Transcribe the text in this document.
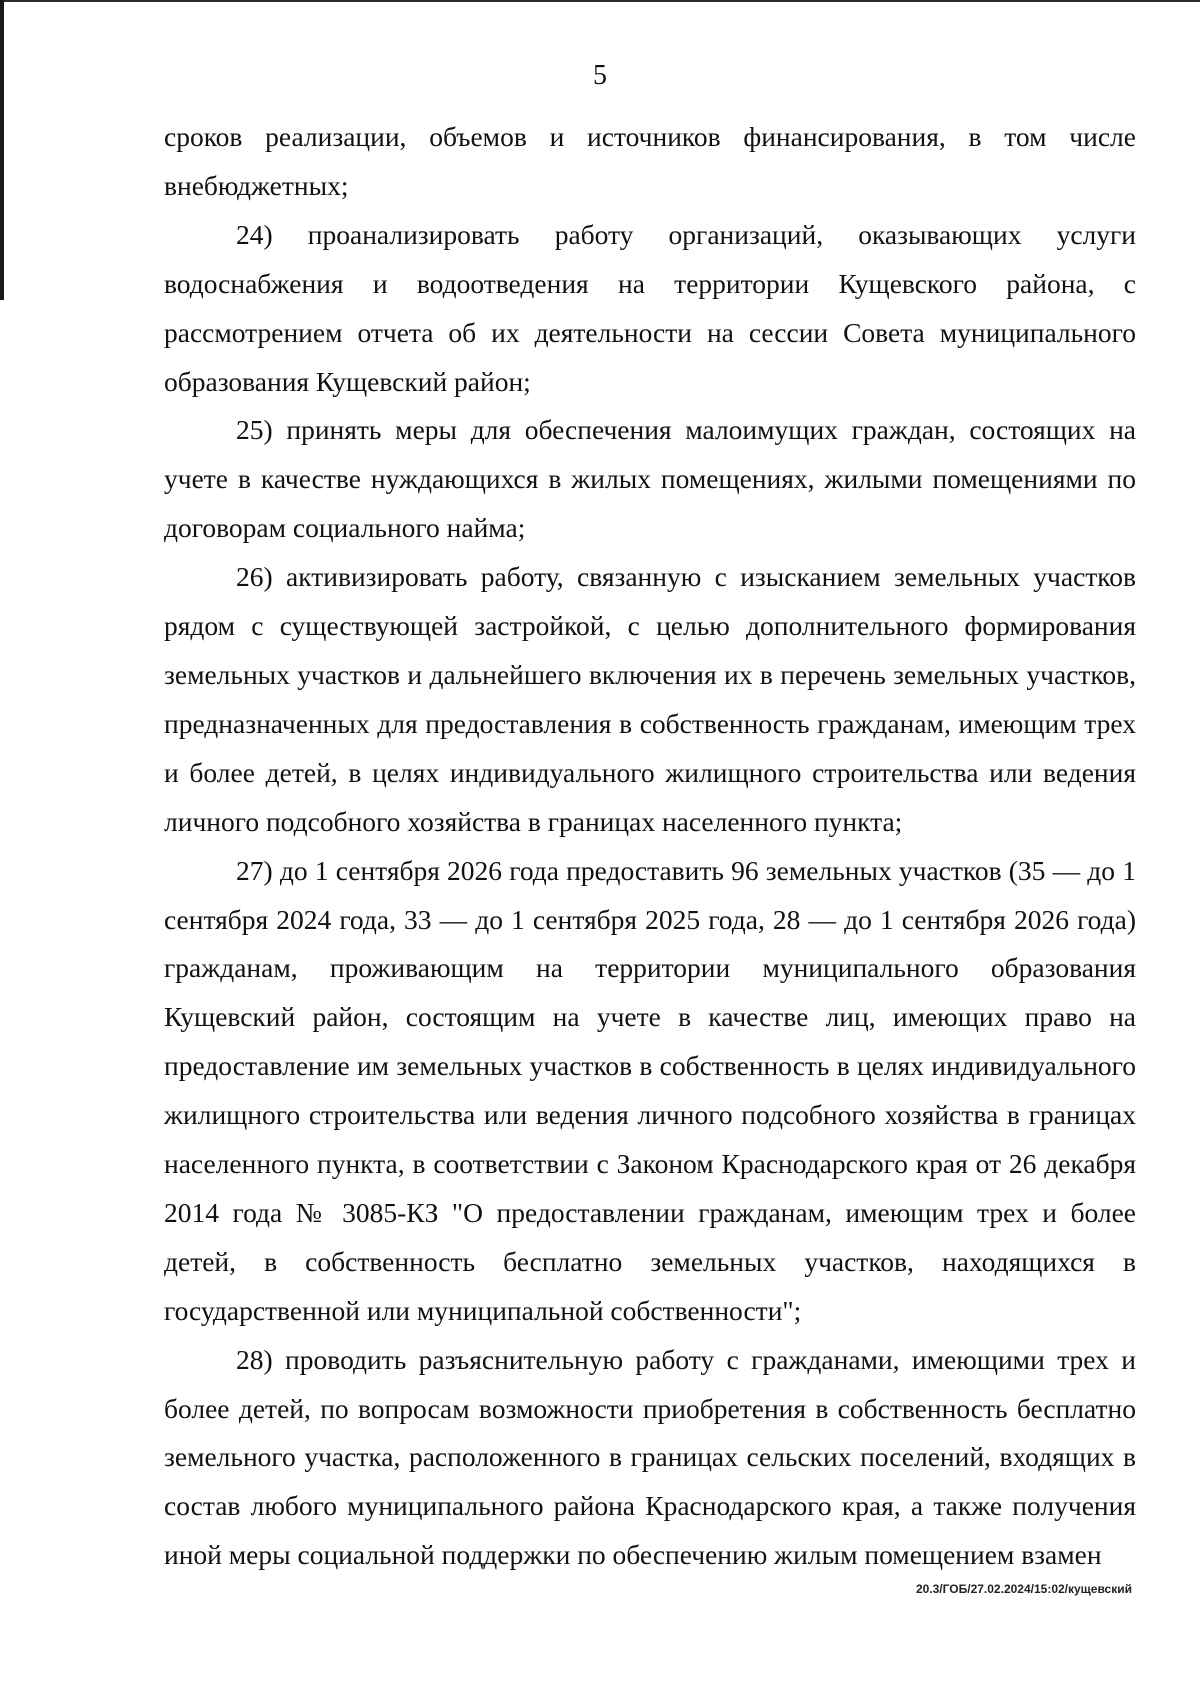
5

сроков реализации, объемов и источников финансирования, в том числе внебюджетных;

24) проанализировать работу организаций, оказывающих услуги водоснабжения и водоотведения на территории Кущевского района, с рассмотрением отчета об их деятельности на сессии Совета муниципального образования Кущевский район;

25) принять меры для обеспечения малоимущих граждан, состоящих на учете в качестве нуждающихся в жилых помещениях, жилыми помещениями по договорам социального найма;

26) активизировать работу, связанную с изысканием земельных участков рядом с существующей застройкой, с целью дополнительного формирования земельных участков и дальнейшего включения их в перечень земельных участков, предназначенных для предоставления в собственность гражданам, имеющим трех и более детей, в целях индивидуального жилищного строительства или ведения личного подсобного хозяйства в границах населенного пункта;

27) до 1 сентября 2026 года предоставить 96 земельных участков (35 — до 1 сентября 2024 года, 33 — до 1 сентября 2025 года, 28 — до 1 сентября 2026 года) гражданам, проживающим на территории муниципального образования Кущевский район, состоящим на учете в качестве лиц, имеющих право на предоставление им земельных участков в собственность в целях индивидуального жилищного строительства или ведения личного подсобного хозяйства в границах населенного пункта, в соответствии с Законом Краснодарского края от 26 декабря 2014 года № 3085-КЗ "О предоставлении гражданам, имеющим трех и более детей, в собственность бесплатно земельных участков, находящихся в государственной или муниципальной собственности";

28) проводить разъяснительную работу с гражданами, имеющими трех и более детей, по вопросам возможности приобретения в собственность бесплатно земельного участка, расположенного в границах сельских поселений, входящих в состав любого муниципального района Краснодарского края, а также получения иной меры социальной поддержки по обеспечению жилым помещением взамен

20.3/ГОБ/27.02.2024/15:02/кущевский
